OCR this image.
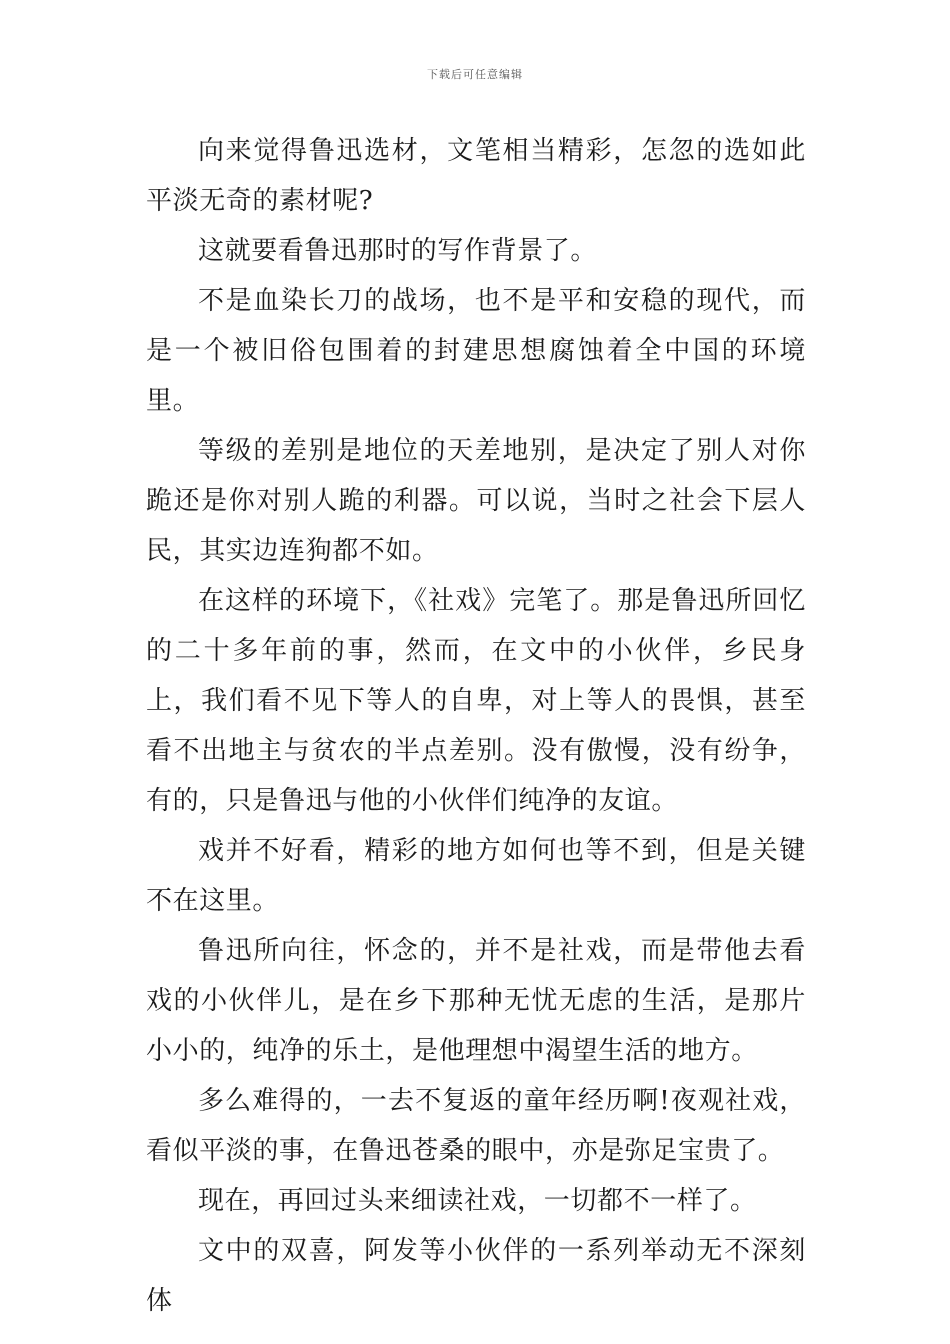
下载后可任意编辑

向来觉得鲁迅选材，文笔相当精彩，怎忽的选如此平淡无奇的素材呢?

这就要看鲁迅那时的写作背景了。

不是血染长刀的战场，也不是平和安稳的现代，而是一个被旧俗包围着的封建思想腐蚀着全中国的环境里。

等级的差别是地位的天差地别，是决定了别人对你跪还是你对别人跪的利器。可以说，当时之社会下层人民，其实边连狗都不如。

在这样的环境下，《社戏》完笔了。那是鲁迅所回忆的二十多年前的事，然而，在文中的小伙伴，乡民身上，我们看不见下等人的自卑，对上等人的畏惧，甚至看不出地主与贫农的半点差别。没有傲慢，没有纷争，有的，只是鲁迅与他的小伙伴们纯净的友谊。

戏并不好看，精彩的地方如何也等不到，但是关键不在这里。

鲁迅所向往，怀念的，并不是社戏，而是带他去看戏的小伙伴儿，是在乡下那种无忧无虑的生活，是那片小小的，纯净的乐土，是他理想中渴望生活的地方。

多么难得的，一去不复返的童年经历啊!夜观社戏，看似平淡的事，在鲁迅苍桑的眼中，亦是弥足宝贵了。

现在，再回过头来细读社戏，一切都不一样了。

文中的双喜，阿发等小伙伴的一系列举动无不深刻体
